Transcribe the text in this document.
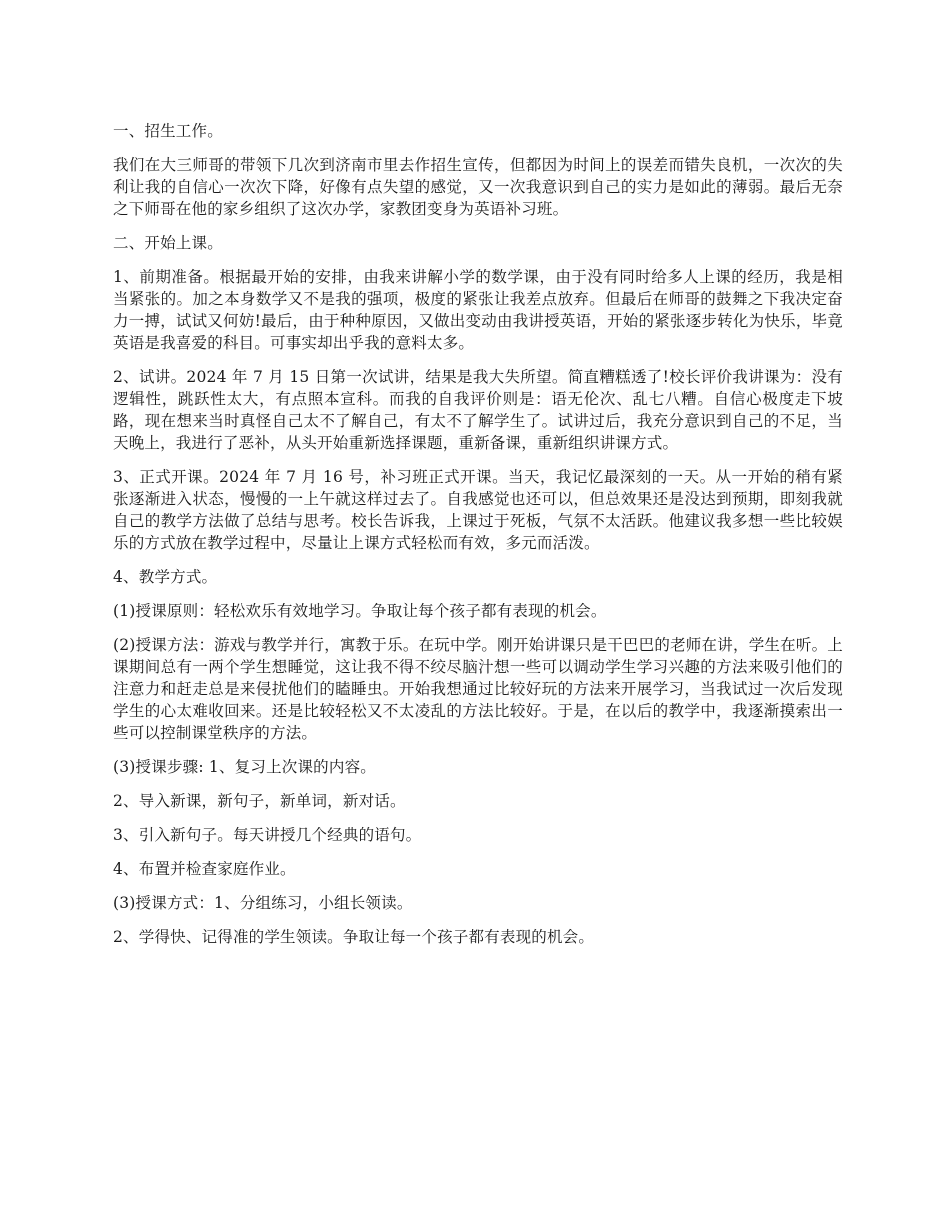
一、招生工作。

我们在大三师哥的带领下几次到济南市里去作招生宣传，但都因为时间上的误差而错失良机，一次次的失利让我的自信心一次次下降，好像有点失望的感觉，又一次我意识到自己的实力是如此的薄弱。最后无奈之下师哥在他的家乡组织了这次办学，家教团变身为英语补习班。

二、开始上课。

1、前期准备。根据最开始的安排，由我来讲解小学的数学课，由于没有同时给多人上课的经历，我是相当紧张的。加之本身数学又不是我的强项，极度的紧张让我差点放弃。但最后在师哥的鼓舞之下我决定奋力一搏，试试又何妨!最后，由于种种原因，又做出变动由我讲授英语，开始的紧张逐步转化为快乐，毕竟英语是我喜爱的科目。可事实却出乎我的意料太多。

2、试讲。2024 年 7 月 15 日第一次试讲，结果是我大失所望。简直糟糕透了!校长评价我讲课为：没有逻辑性，跳跃性太大，有点照本宣科。而我的自我评价则是：语无伦次、乱七八糟。自信心极度走下坡路，现在想来当时真怪自己太不了解自己，有太不了解学生了。试讲过后，我充分意识到自己的不足，当天晚上，我进行了恶补，从头开始重新选择课题，重新备课，重新组织讲课方式。

3、正式开课。2024 年 7 月 16 号，补习班正式开课。当天，我记忆最深刻的一天。从一开始的稍有紧张逐渐进入状态，慢慢的一上午就这样过去了。自我感觉也还可以，但总效果还是没达到预期，即刻我就自己的教学方法做了总结与思考。校长告诉我，上课过于死板，气氛不太活跃。他建议我多想一些比较娱乐的方式放在教学过程中，尽量让上课方式轻松而有效，多元而活泼。

4、教学方式。

(1)授课原则：轻松欢乐有效地学习。争取让每个孩子都有表现的机会。

(2)授课方法：游戏与教学并行，寓教于乐。在玩中学。刚开始讲课只是干巴巴的老师在讲，学生在听。上课期间总有一两个学生想睡觉，这让我不得不绞尽脑汁想一些可以调动学生学习兴趣的方法来吸引他们的注意力和赶走总是来侵扰他们的瞌睡虫。开始我想通过比较好玩的方法来开展学习，当我试过一次后发现学生的心太难收回来。还是比较轻松又不太凌乱的方法比较好。于是，在以后的教学中，我逐渐摸索出一些可以控制课堂秩序的方法。

(3)授课步骤: 1、复习上次课的内容。

2、导入新课，新句子，新单词，新对话。

3、引入新句子。每天讲授几个经典的语句。

4、布置并检查家庭作业。

(3)授课方式：1、分组练习，小组长领读。

2、学得快、记得准的学生领读。争取让每一个孩子都有表现的机会。
